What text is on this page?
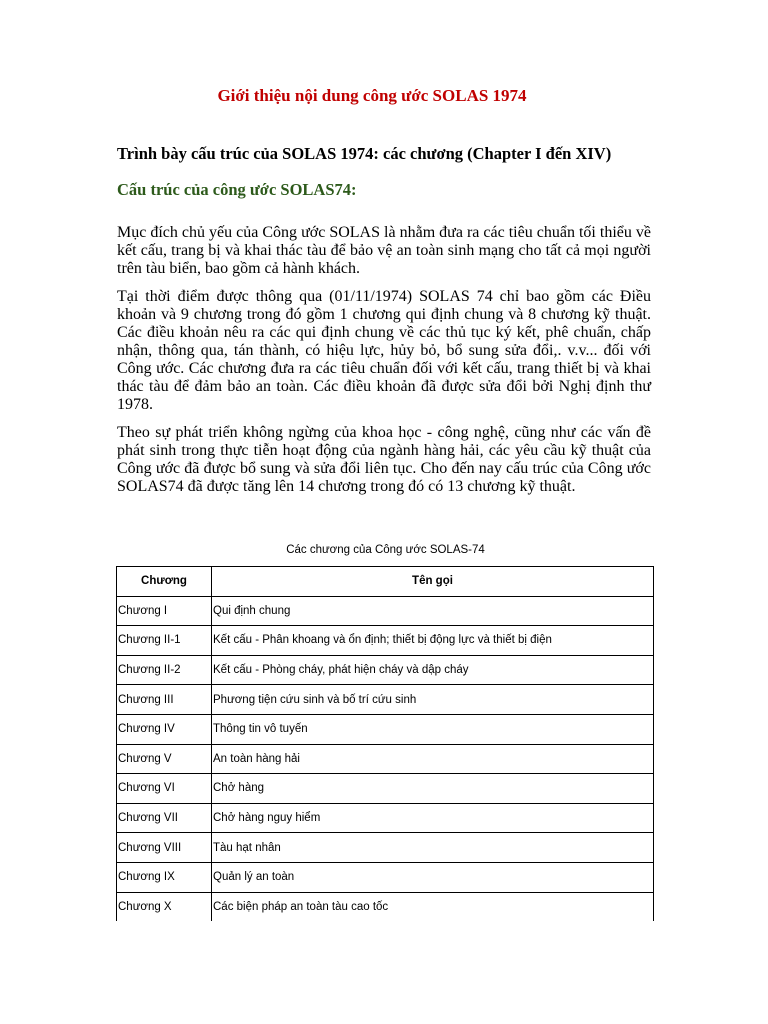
Giới thiệu nội dung công ước SOLAS 1974
Trình bày cấu trúc của SOLAS 1974: các chương (Chapter I đến XIV)
Cấu trúc của công ước SOLAS74:

Mục đích chủ yếu của Công ước SOLAS là nhằm đưa ra các tiêu chuẩn tối thiểu về kết cấu, trang bị và khai thác tàu để bảo vệ an toàn sinh mạng cho tất cả mọi người trên tàu biển, bao gồm cả hành khách.

Tại thời điểm được thông qua (01/11/1974) SOLAS 74 chỉ bao gồm các Điều khoản và 9 chương trong đó gồm 1 chương qui định chung và 8 chương kỹ thuật. Các điều khoản nêu ra các qui định chung về các thủ tục ký kết, phê chuẩn, chấp nhận, thông qua, tán thành, có hiệu lực, hủy bỏ, bổ sung sửa đổi,. v.v... đối với Công ước. Các chương đưa ra các tiêu chuẩn đối với kết cấu, trang thiết bị và khai thác tàu để đảm bảo an toàn. Các điều khoản đã được sửa đổi bởi Nghị định thư 1978.

Theo sự phát triển không ngừng của khoa học - công nghệ, cũng như các vấn đề phát sinh trong thực tiễn hoạt động của ngành hàng hải, các yêu cầu kỹ thuật của Công ước đã được bổ sung và sửa đổi liên tục. Cho đến nay cấu trúc của Công ước SOLAS74 đã được tăng lên 14 chương trong đó có 13 chương kỹ thuật.

Các chương của Công ước SOLAS-74
Chương	Tên gọi
Chương I	Qui định chung
Chương II-1	Kết cấu - Phân khoang và ổn định; thiết bị động lực và thiết bị điện
Chương II-2	Kết cấu - Phòng cháy, phát hiện cháy và dập cháy
Chương III	Phương tiện cứu sinh và bố trí cứu sinh
Chương IV	Thông tin vô tuyến
Chương V	An toàn hàng hải
Chương VI	Chở hàng
Chương VII	Chở hàng nguy hiểm
Chương VIII	Tàu hạt nhân
Chương IX	Quản lý an toàn
Chương X	Các biện pháp an toàn tàu cao tốc
